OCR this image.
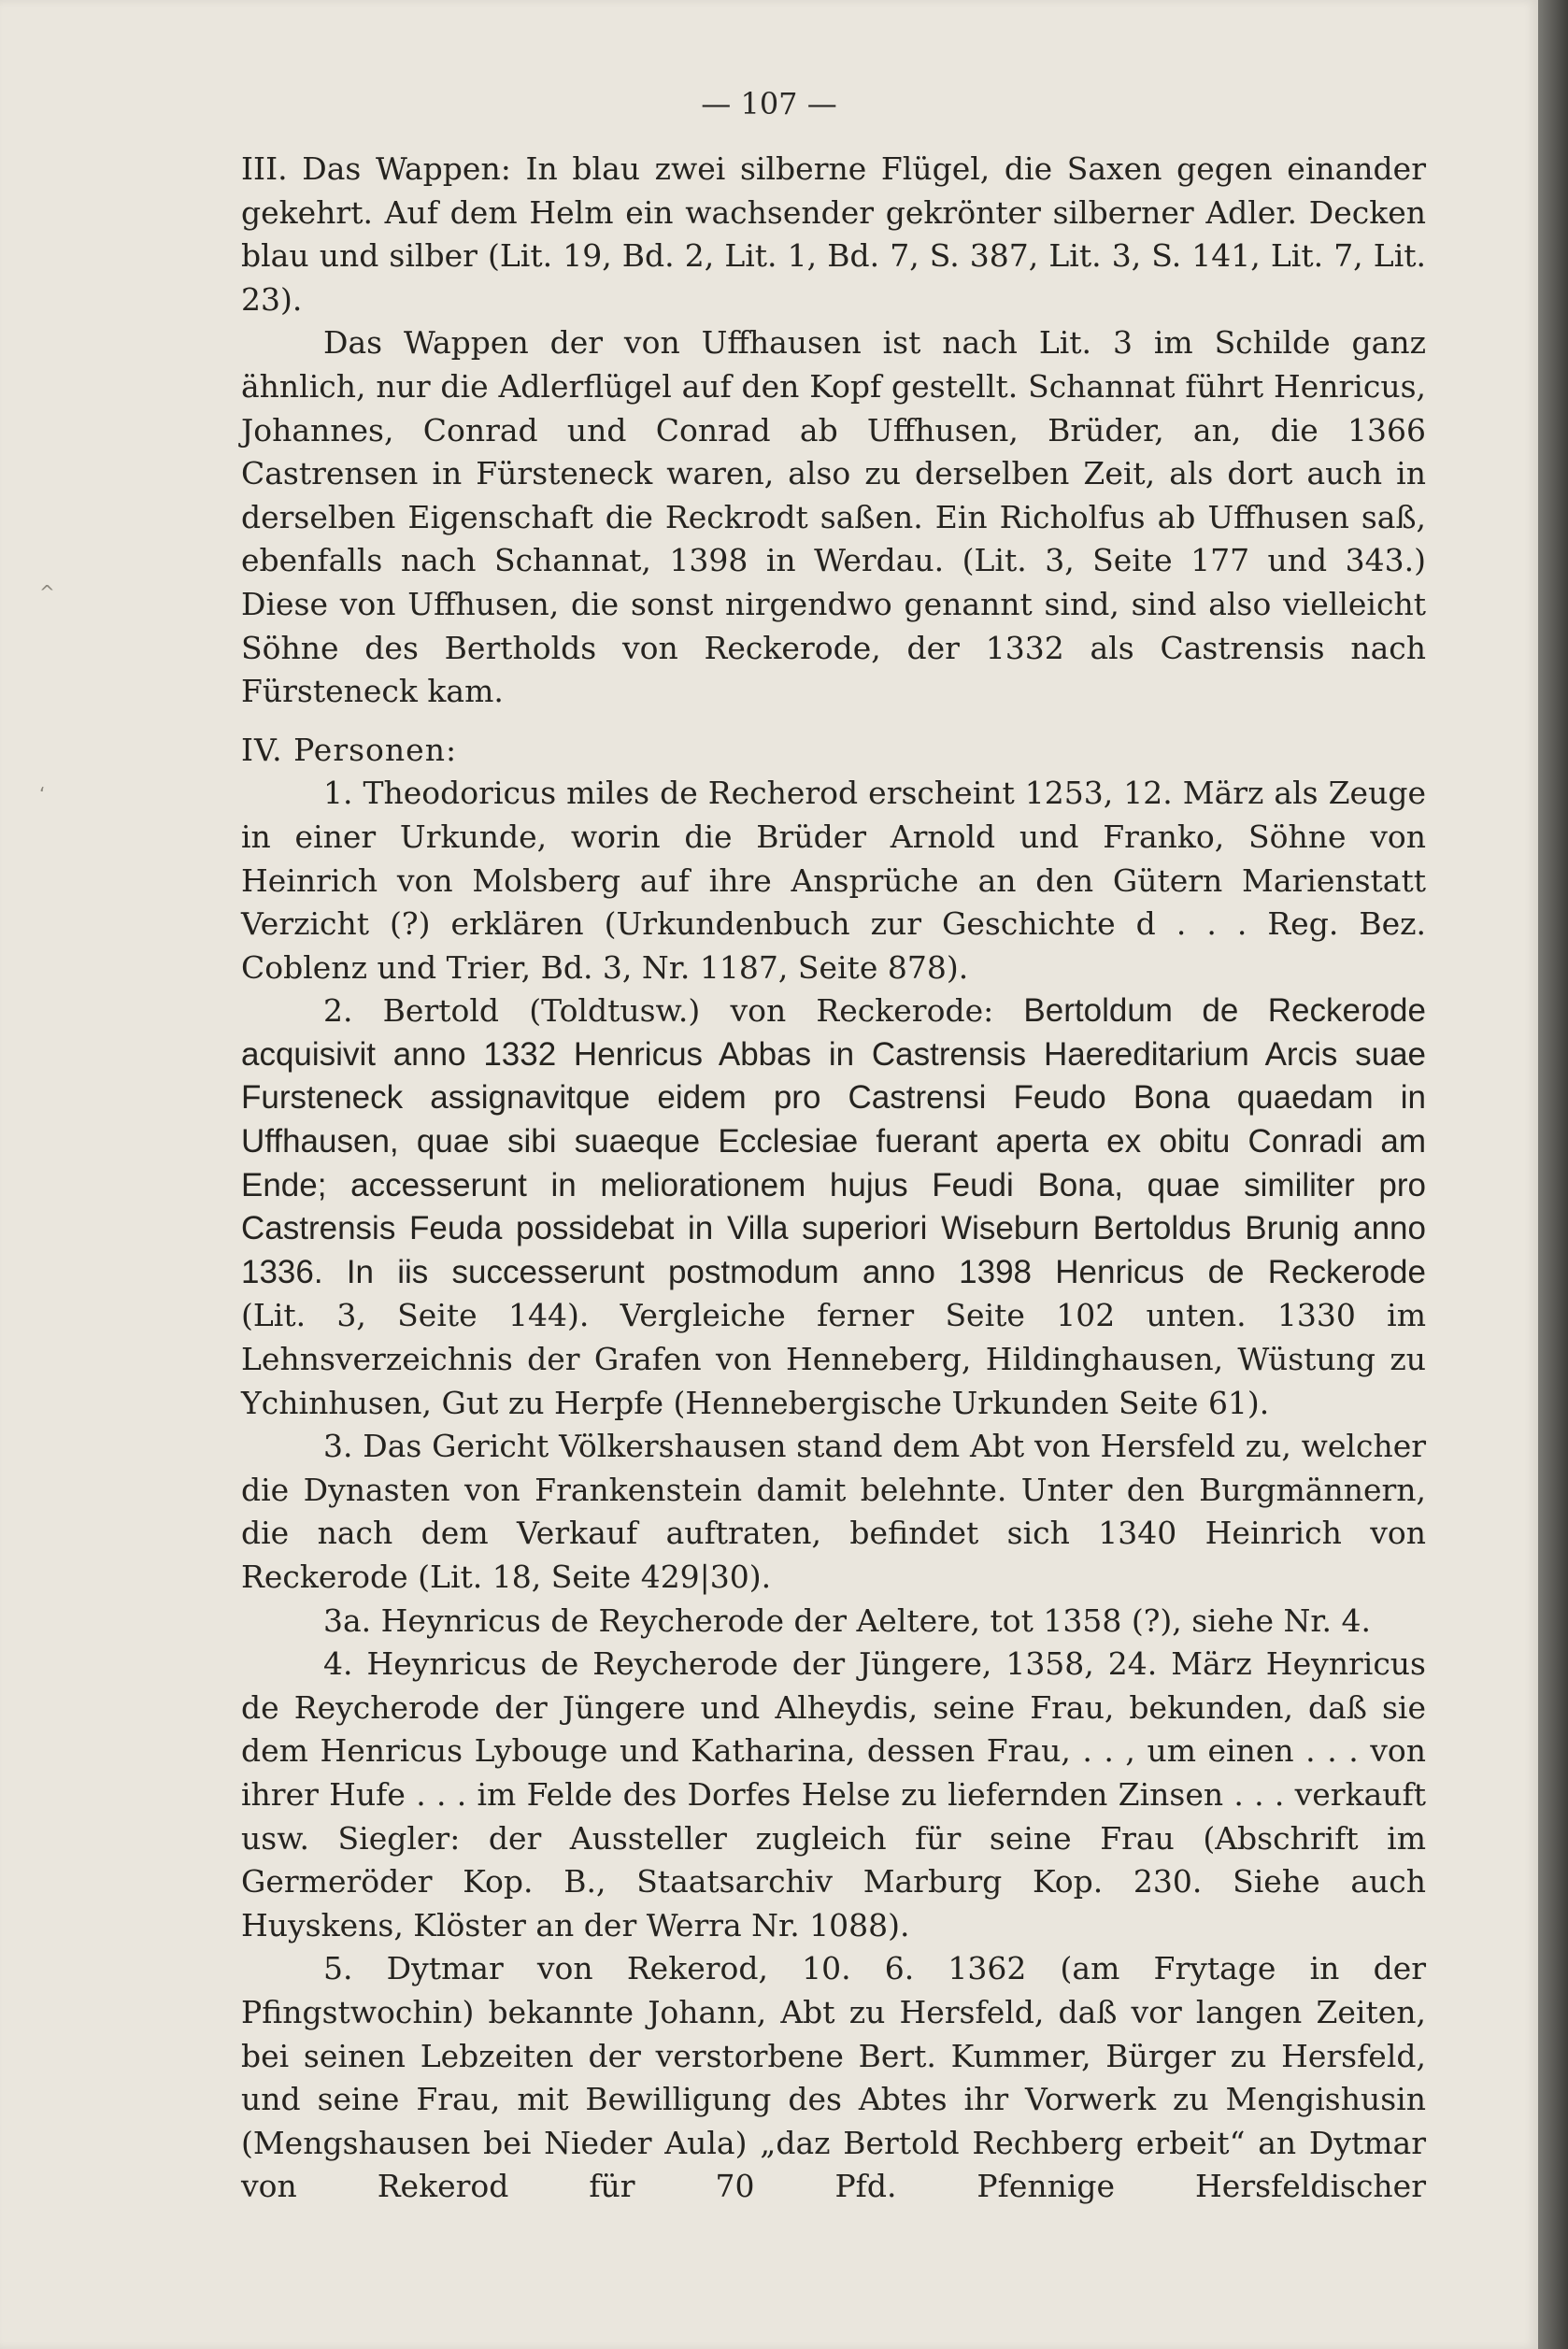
— 107 —

III. Das Wappen: In blau zwei silberne Flügel, die Saxen gegen einander gekehrt. Auf dem Helm ein wachsender gekrönter silberner Adler. Decken blau und silber (Lit. 19, Bd. 2, Lit. 1, Bd. 7, S. 387, Lit. 3, S. 141, Lit. 7, Lit. 23).

Das Wappen der von Uffhausen ist nach Lit. 3 im Schilde ganz ähnlich, nur die Adlerflügel auf den Kopf gestellt. Schannat führt Henricus, Johannes, Conrad und Conrad ab Uffhusen, Brüder, an, die 1366 Castrensen in Fürsteneck waren, also zu derselben Zeit, als dort auch in derselben Eigenschaft die Reckrodt saßen. Ein Richolfus ab Uffhusen saß, ebenfalls nach Schannat, 1398 in Werdau. (Lit. 3, Seite 177 und 343.) Diese von Uffhusen, die sonst nirgendwo genannt sind, sind also vielleicht Söhne des Bertholds von Reckerode, der 1332 als Castrensis nach Fürsteneck kam.

IV. Personen:

1. Theodoricus miles de Recherod erscheint 1253, 12. März als Zeuge in einer Urkunde, worin die Brüder Arnold und Franko, Söhne von Heinrich von Molsberg auf ihre Ansprüche an den Gütern Marienstatt Verzicht (?) erklären (Urkundenbuch zur Geschichte d . . . Reg. Bez. Coblenz und Trier, Bd. 3, Nr. 1187, Seite 878).

2. Bertold (Toldtusw.) von Reckerode: Bertoldum de Reckerode acquisivit anno 1332 Henricus Abbas in Castrensis Haereditarium Arcis suae Fursteneck assignavitque eidem pro Castrensi Feudo Bona quaedam in Uffhausen, quae sibi suaeque Ecclesiae fuerant aperta ex obitu Conradi am Ende; accesserunt in meliorationem hujus Feudi Bona, quae similiter pro Castrensis Feuda possidebat in Villa superiori Wiseburn Bertoldus Brunig anno 1336. In iis successerunt postmodum anno 1398 Henricus de Reckerode

(Lit. 3, Seite 144). Vergleiche ferner Seite 102 unten. 1330 im Lehnsverzeichnis der Grafen von Henneberg, Hildinghausen, Wüstung zu Ychinhusen, Gut zu Herpfe (Hennebergische Urkunden Seite 61).

3. Das Gericht Völkershausen stand dem Abt von Hersfeld zu, welcher die Dynasten von Frankenstein damit belehnte. Unter den Burgmännern, die nach dem Verkauf auftraten, befindet sich 1340 Heinrich von Reckerode (Lit. 18, Seite 429|30).

3a. Heynricus de Reycherode der Aeltere, tot 1358 (?), siehe Nr. 4.

4. Heynricus de Reycherode der Jüngere, 1358, 24. März Heynricus de Reycherode der Jüngere und Alheydis, seine Frau, bekunden, daß sie dem Henricus Lybouge und Katharina, dessen Frau, . . , um einen . . . von ihrer Hufe . . . im Felde des Dorfes Helse zu liefernden Zinsen . . . verkauft usw. Siegler: der Aussteller zugleich für seine Frau (Abschrift im Germeröder Kop. B., Staatsarchiv Marburg Kop. 230. Siehe auch Huyskens, Klöster an der Werra Nr. 1088).

5. Dytmar von Rekerod, 10. 6. 1362 (am Frytage in der Pfingstwochin) bekannte Johann, Abt zu Hersfeld, daß vor langen Zeiten, bei seinen Lebzeiten der verstorbene Bert. Kummer, Bürger zu Hersfeld, und seine Frau, mit Bewilligung des Abtes ihr Vorwerk zu Mengishusin (Mengshausen bei Nieder Aula) „daz Bertold Rechberg erbeit“ an Dytmar von Rekerod für 70 Pfd. Pfennige Hersfeldischer

^
‘
